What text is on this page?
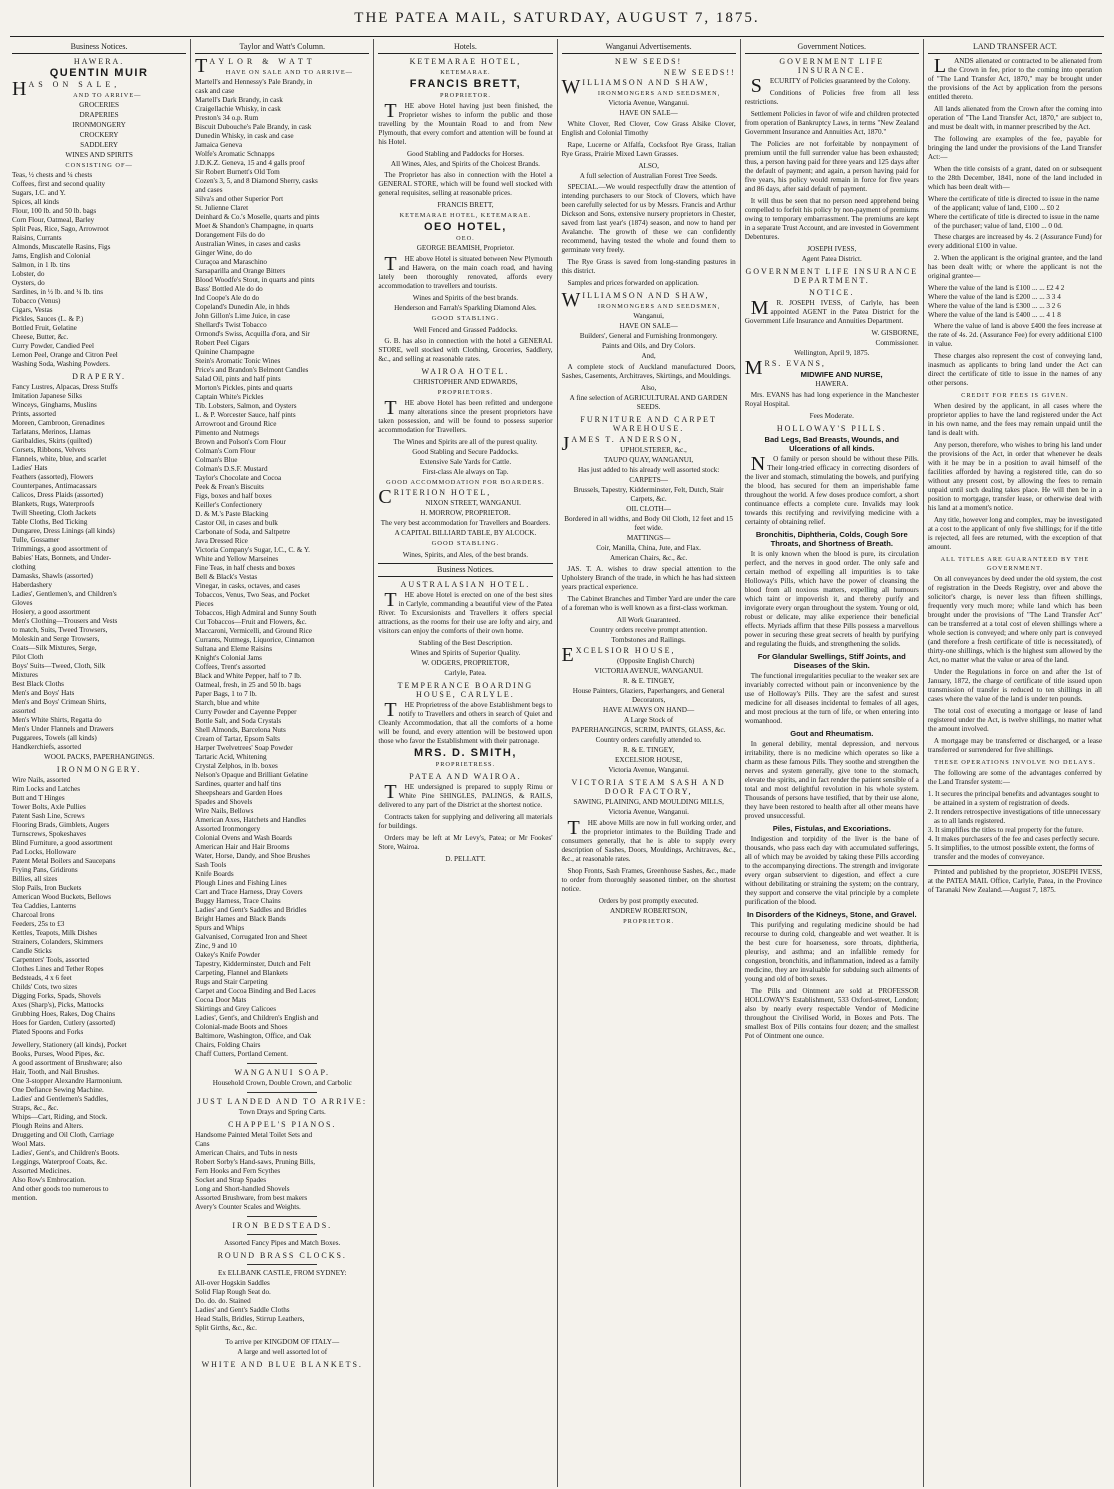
THE PATEA MAIL, SATURDAY, AUGUST 7, 1875.
Business Notices.
HAWERA.
QUENTIN MUIR
HAS ON SALE,
AND TO ARRIVE—
GROCERIES
DRAPERIES
IRONMONGERY
CROCKERY
SADDLERY
WINES AND SPIRITS
CONSISTING OF—
Teas, ½ chests and ¼ chests
Coffees, first and second quality
Sugars, I.C. and Y.
Spices, all kinds
Flour, 100 lb. and 50 lb. bags
Corn Flour, Oatmeal, Barley
Split Peas, Rice, Sago, Arrowroot
Raisins, Currants
Almonds, Muscatelle Rasins, Figs
Jams, English and Colonial
Salmon, in 1 lb. tins
Lobster, do
Oysters, do
Sardines, in ½ lb. and ¼ lb. tins
Tobacco (Venus)
Cigars, Vestas
Pickles, Sauces (L. & P.)
Bottled Fruit, Gelatine
Cheese, Butter, &c.
Curry Powder, Candied Peel
Lemon Peel, Orange and Citron Peel
Washing Soda, Washing Powders.
DRAPERY.
Fancy Lustres, Alpacas, Dress Stuffs
Imitation Japanese Silks
Winceys, Ginghams, Muslins
Prints, assorted
Moreen, Cambroon, Grenadines
Tarlatans, Merinos, Llamas
Garibaldies, Skirts (quilted)
Corsets, Ribbons, Velvets
Flannels, white, blue, and scarlet
Ladies' Hats
Feathers (assorted), Flowers
Counterpanes, Antimacassars
Calicos, Dress Plaids (assorted)
Blankets, Rugs, Waterproofs
Twill Sheeting, Cloth Jackets
Table Cloths, Bed Ticking
Dungaree, Dress Linings (all kinds)
Tulle, Gossamer
Trimmings, a good assortment of
Babies' Hats, Bonnets, and Under-
clothing
Damasks, Shawls (assorted)
Haberdashery
Ladies', Gentlemen's, and Children's
Gloves
Hosiery, a good assortment
Men's Clothing—Trousers and Vests
to match, Suits, Tweed Trowsers,
Moleskin and Serge Trowsers,
Coats—Silk Mixtures, Serge,
Pilot Cloth
Boys' Suits—Tweed, Cloth, Silk
Mixtures
Best Black Cloths
Men's and Boys' Hats
Men's and Boys' Crimean Shirts,
assorted
Men's White Shirts, Regatta do
Men's Under Flannels and Drawers
Puggarees, Towels (all kinds)
Handkerchiefs, assorted
WOOL PACKS, PAPERHANGINGS.
IRONMONGERY.
Wire Nails, assorted
Rim Locks and Latches
Butt and T Hinges
Tower Bolts, Axle Pullies
Patent Sash Line, Screws
Flooring Brads, Gimblets, Augers
Turnscrews, Spokeshaves
Blind Furniture, a good assortment
Pad Locks, Holloware
Patent Metal Boilers and Saucepans
Frying Pans, Gridirons
Billies, all sizes
Slop Pails, Iron Buckets
American Wood Buckets, Bellows
Tea Caddies, Lanterns
Charcoal Irons
Feeders, 25s to £3
Kettles, Teapots, Milk Dishes
Strainers, Colanders, Skimmers
Candle Sticks
Carpenters' Tools, assorted
Clothes Lines and Tether Ropes
Bedsteads, 4 x 6 feet
Childs' Cots, two sizes
Digging Forks, Spads, Shovels
Axes (Sharp's), Picks, Mattocks
Grubbing Hoes, Rakes, Dog Chains
Hoes for Garden, Cutlery (assorted)
Plated Spoons and Forks
Jewellery, Stationery (all kinds), Pocket
Books, Purses, Wood Pipes, &c.
A good assortment of Brushware; also
Hair, Tooth, and Nail Brushes.
One 3-stopper Alexandre Harmonium.
One Defiance Sewing Machine.
Ladies' and Gentlemen's Saddles,
Straps, &c., &c.
Whips—Cart, Riding, and Stock.
Plough Reins and Alters.
Druggeting and Oil Cloth, Carriage
Wool Mats.
Ladies', Gent's, and Children's Boots.
Leggings, Waterproof Coats, &c.
Assorted Medicines.
Also Row's Embrocation.
And other goods too numerous to
mention.
Taylor and Watt's Column.
TAYLOR & WATT
HAVE ON SALE AND TO ARRIVE—
Martell's and Hennessy's Pale Brandy, in
cask and case
Martell's Dark Brandy, in cask
Craigellachie Whisky, in cask
Preston's 34 o.p. Rum
Biscuit Dubouche's Pale Brandy, in cask
Dunedin Whisky, in cask and case
Jamaica Geneva
Wolfe's Aromatic Schnapps
J.D.K.Z. Geneva, 15 and 4 galls proof
Sir Robert Burnett's Old Tom
Cozen's 3, 5, and 8 Diamond Sherry, casks
and cases
Silva's and other Superior Port
St. Julienne Claret
Deinhard & Co.'s Moselle, quarts and pints
Moet & Shandon's Champagne, in quarts
Dorangement Fils do do
Australian Wines, in cases and casks
Ginger Wine, do do
Curaçoa and Maraschino
Sarsaparilla and Orange Bitters
Blood Woodfe's Stout, in quarts and pints
Bass' Bottled Ale do do
Ind Coope's Ale do do
Copeland's Dunedin Ale, in hhds
John Gillon's Lime Juice, in case
Shellard's Twist Tobacco
Ormond's Swiss, Acquilla d'ora, and Sir
Robert Peel Cigars
Quinine Champagne
Stein's Aromatic Tonic Wines
Price's and Brandon's Belmont Candles
Salad Oil, pints and half pints
Morton's Pickles, pints and quarts
Captain White's Pickles
Tib. Lobsters, Salmon, and Oysters
L. & P. Worcester Sauce, half pints
Arrowroot and Ground Rice
Pimento and Nutmegs
Brown and Polson's Corn Flour
Colman's Corn Flour
Colman's Blue
Colman's D.S.F. Mustard
Taylor's Chocolate and Cocoa
Peek & Frean's Biscuits
Figs, boxes and half boxes
Keiller's Confectionery
D. & M.'s Paste Blacking
Castor Oil, in cases and bulk
Carbonate of Soda, and Saltpetre
Java Dressed Rice
Victoria Company's Sugar, I.C., C. & Y.
White and Yellow Marseines
Fine Teas, in half chests and boxes
Bell & Black's Vestas
Vinegar, in casks, octaves, and cases
Tobaccos, Venus, Two Seas, and Pocket
Pieces
Tobaccos, High Admiral and Sunny South
Cut Tobaccos—Fruit and Flowers, &c.
Maccaroni, Vermicelli, and Ground Rice
Currants, Nutmegs, Liquorice, Cinnamon
Sultana and Eleme Raisins
Knight's Colonial Jams
Coffees, Trent's assorted
Black and White Pepper, half to 7 lb.
Oatmeal, fresh, in 25 and 50 lb. bags
Paper Bags, 1 to 7 lb.
Starch, blue and white
Curry Powder and Cayenne Pepper
Bottle Salt, and Soda Crystals
Shell Almonds, Barcelona Nuts
Cream of Tartar, Epsom Salts
Harper Twelvetrees' Soap Powder
Tartaric Acid, Whitening
Crystal Zelphos, in lb. boxes
Nelson's Opaque and Brilliant Gelatine
Sardines, quarter and half tins
Sheepshears and Garden Hoes
Spades and Shovels
Wire Nails, Bellows
American Axes, Hatchets and Handles
Assorted Ironmongery
Colonial Ovens and Wash Boards
American Hair and Hair Brooms
Water, Horse, Dandy, and Shoe Brushes
Sash Tools
Knife Boards
Plough Lines and Fishing Lines
Cart and Trace Harness, Dray Covers
Buggy Harness, Trace Chains
Ladies' and Gent's Saddles and Bridles
Bright Hames and Black Bands
Spurs and Whips
Galvanised, Corrugated Iron and Sheet
Zinc, 9 and 10
Oakey's Knife Powder
Tapestry, Kidderminster, Dutch and Felt
Carpeting, Flannel and Blankets
Rugs and Stair Carpeting
Carpet and Cocoa Binding and Bed Laces
Cocoa Door Mats
Skirtings and Grey Calicoes
Ladies', Gent's, and Children's English and
Colonial-made Boots and Shoes
Baltimore, Washington, Office, and Oak
Chairs, Folding Chairs
Chaff Cutters, Portland Cement.
WANGANUI SOAP.
Household Crown, Double Crown, and Carbolic
JUST LANDED AND TO ARRIVE:
Town Drays and Spring Carts.
CHAPPEL'S PIANOS.
Handsome Painted Metal Toilet Sets and
Cans
American Chairs, and Tubs in nests
Robert Sorby's Hand-saws, Pruning Bills,
Fern Hooks and Fern Scythes
Socket and Strap Spades
Long and Short-handled Shovels
Assorted Brushware, from best makers
Avery's Counter Scales and Weights.
IRON BEDSTEADS.
Assorted Fancy Pipes and Match Boxes.
ROUND BRASS CLOCKS.
Ex ELLBANK CASTLE, FROM SYDNEY:
All-over Hogskin Saddles
Solid Flap Rough Seat do.
Do. do. do. Stained
Ladies' and Gent's Saddle Cloths
Head Stalls, Bridles, Stirrup Leathers,
Split Girths, &c., &c.
To arrive per KINGDOM OF ITALY—
A large and well assorted lot of
WHITE AND BLUE BLANKETS.
Hotels.
KETEMARAE HOTEL,
KETEMARAE.
FRANCIS BRETT,
PROPRIETOR.
T HE above Hotel having just been finished, the Proprietor wishes to inform the public and those travelling by the Mountain Road to and from New Plymouth, that every comfort and attention will be found at his Hotel.
Good Stabling and Paddocks for Horses.
All Wines, Ales, and Spirits of the Choicest Brands.
The Proprietor has also in connection with the Hotel a GENERAL STORE, which will be found well stocked with general requisites, selling at reasonable prices.
FRANCIS BRETT,
KETEMARAE HOTEL, KETEMARAE.
OEO HOTEL,
OEO.
GEORGE BEAMISH, Proprietor.
T HE above Hotel is situated between New Plymouth and Hawera, on the main coach road, and having lately been thoroughly renovated, affords every accommodation to travellers and tourists.
Wines and Spirits of the best brands.
Henderson and Farrah's Sparkling Diamond Ales.
GOOD STABLING.
Well Fenced and Grassed Paddocks.
G. B. has also in connection with the hotel a GENERAL STORE, well stocked with Clothing, Groceries, Saddlery, &c., and selling at reasonable rates.
WAIROA HOTEL.
CHRISTOPHER AND EDWARDS,
PROPRIETORS.
T HE above Hotel has been refitted and undergone many alterations since the present proprietors have taken possession, and will be found to possess superior accommodation for Travellers.
The Wines and Spirits are all of the purest quality.
Good Stabling and Secure Paddocks.
Extensive Sale Yards for Cattle.
First-class Ale always on Tap.
GOOD ACCOMMODATION FOR BOARDERS.
CRITERION HOTEL,
NIXON STREET, WANGANUI.
H. MORROW, PROPRIETOR.
The very best accommodation for Travellers and Boarders.
A CAPITAL BILLIARD TABLE, BY ALCOCK.
GOOD STABLING.
Wines, Spirits, and Ales, of the best brands.
Business Notices.
AUSTRALASIAN HOTEL.
T HE above Hotel is erected on one of the best sites in Carlyle, commanding a beautiful view of the Patea River. To Excursionists and Travellers it offers special attractions, as the rooms for their use are lofty and airy, and visitors can enjoy the comforts of their own home.
Stabling of the Best Description.
Wines and Spirits of Superior Quality.
W. ODGERS, PROPRIETOR,
Carlyle, Patea.
TEMPERANCE BOARDING HOUSE, CARLYLE.
T HE Proprietress of the above Establishment begs to notify to Travellers and others in search of Quiet and Cleanly Accommodation, that all the comforts of a home will be found, and every attention will be bestowed upon those who favor the Establishment with their patronage.
MRS. D. SMITH,
PROPRIETRESS.
PATEA AND WAIROA.
T HE undersigned is prepared to supply Rimu or White Pine SHINGLES, PALINGS, & RAILS, delivered to any part of the District at the shortest notice.
Contracts taken for supplying and delivering all materials for buildings.
Orders may be left at Mr Levy's, Patea; or Mr Fookes' Store, Wairoa.
D. PELLATT.
Wanganui Advertisements.
NEW SEEDS!
NEW SEEDS!!
WILLIAMSON AND SHAW,
IRONMONGERS AND SEEDSMEN,
Victoria Avenue, Wanganui.
HAVE ON SALE—
White Clover, Red Clover, Cow Grass Alsike Clover, English and Colonial Timothy
Rape, Lucerne or Alfalfa, Cocksfoot Rye Grass, Italian Rye Grass, Prairie Mixed Lawn Grasses.
ALSO,
A full selection of Australian Forest Tree Seeds.
SPECIAL.—We would respectfully draw the attention of intending purchasers to our Stock of Clovers, which have been carefully selected for us by Messrs. Francis and Arthur Dickson and Sons, extensive nursery proprietors in Chester, saved from last year's (1874) season, and now to hand per Avalanche. The growth of these we can confidently recommend, having tested the whole and found them to germinate very freely.
The Rye Grass is saved from long-standing pastures in this district.
Samples and prices forwarded on application.
WILLIAMSON AND SHAW,
IRONMONGERS AND SEEDSMEN,
Wanganui,
HAVE ON SALE—
Builders', General and Furnishing Ironmongery.
Paints and Oils, and Dry Colors.
And,
A complete stock of Auckland manufactured Doors, Sashes, Casements, Architraves, Skirtings, and Mouldings.
Also,
A fine selection of AGRICULTURAL AND GARDEN SEEDS.
FURNITURE AND CARPET WAREHOUSE.
JAMES T. ANDERSON,
UPHOLSTERER, &c.,
TAUPO QUAY, WANGANUI,
Has just added to his already well assorted stock:
CARPETS—
Brussels, Tapestry, Kidderminster, Felt, Dutch, Stair Carpets, &c.
OIL CLOTH—
Bordered in all widths, and Body Oil Cloth, 12 feet and 15 feet wide.
MATTINGS—
Coir, Manilla, China, Jute, and Flax.
American Chairs, &c., &c.
JAS. T. A. wishes to draw special attention to the Upholstery Branch of the trade, in which he has had sixteen years practical experience.
The Cabinet Branches and Timber Yard are under the care of a foreman who is well known as a first-class workman.
All Work Guaranteed.
Country orders receive prompt attention.
Tombstones and Railings.
EXCELSIOR HOUSE,
(Opposite English Church)
VICTORIA AVENUE, WANGANUI.
R. & E. TINGEY,
House Painters, Glaziers, Paperhangers, and General Decorators,
HAVE ALWAYS ON HAND—
A Large Stock of
PAPERHANGINGS, SCRIM, PAINTS, GLASS, &c.
Country orders carefully attended to.
R. & E. TINGEY,
EXCELSIOR HOUSE,
Victoria Avenue, Wanganui.
VICTORIA STEAM SASH AND DOOR FACTORY,
SAWING, PLAINING, AND MOULDING MILLS,
Victoria Avenue, Wanganui.
T HE above Mills are now in full working order, and the proprietor intimates to the Building Trade and consumers generally, that he is able to supply every description of Sashes, Doors, Mouldings, Architraves, &c., &c., at reasonable rates.
Shop Fronts, Sash Frames, Greenhouse Sashes, &c., made to order from thoroughly seasoned timber, on the shortest notice.
Orders by post promptly executed.
ANDREW ROBERTSON,
PROPRIETOR.
Government Notices.
GOVERNMENT LIFE INSURANCE.
S ECURITY of Policies guaranteed by the Colony.
Conditions of Policies free from all less restrictions.
Settlement Policies in favor of wife and children protected from operation of Bankruptcy Laws, in terms "New Zealand Government Insurance and Annuities Act, 1870."
The Policies are not forfeitable by nonpayment of premium until the full surrender value has been exhausted; thus, a person having paid for three years and 125 days after the default of payment; and again, a person having paid for five years, his policy would remain in force for five years and 86 days, after said default of payment.
It will thus be seen that no person need apprehend being compelled to forfeit his policy by non-payment of premiums owing to temporary embarrassment. The premiums are kept in a separate Trust Account, and are invested in Government Debentures.
JOSEPH IVESS,
Agent Patea District.
GOVERNMENT LIFE INSURANCE DEPARTMENT.
NOTICE.
M R. JOSEPH IVESS, of Carlyle, has been appointed AGENT in the Patea District for the Government Life Insurance and Annuities Department.
W. GISBORNE,
Commissioner.
Wellington, April 9, 1875.
MRS. EVANS,
MIDWIFE AND NURSE,
HAWERA.
Mrs. EVANS has had long experience in the Manchester Royal Hospital.
Fees Moderate.
HOLLOWAY'S PILLS.
Bad Legs, Bad Breasts, Wounds, and Ulcerations of all kinds.
N O family or person should be without these Pills. Their long-tried efficacy in correcting disorders of the liver and stomach, stimulating the bowels, and purifying the blood, has secured for them an imperishable fame throughout the world. A few doses produce comfort, a short continuance effects a complete cure. Invalids may look towards this rectifying and revivifying medicine with a certainty of obtaining relief.
Bronchitis, Diphtheria, Colds, Cough Sore Throats, and Shortness of Breath.
It is only known when the blood is pure, its circulation perfect, and the nerves in good order. The only safe and certain method of expelling all impurities is to take Holloway's Pills, which have the power of cleansing the blood from all noxious matters, expelling all humours which taint or impoverish it, and thereby purify and invigorate every organ throughout the system. Young or old, robust or delicate, may alike experience their beneficial effects. Myriads affirm that these Pills possess a marvellous power in securing these great secrets of health by purifying and regulating the fluids, and strengthening the solids.
For Glandular Swellings, Stiff Joints, and Diseases of the Skin.
The functional irregularities peculiar to the weaker sex are invariably corrected without pain or inconvenience by the use of Holloway's Pills. They are the safest and surest medicine for all diseases incidental to females of all ages, and most precious at the turn of life, or when entering into womanhood.
Gout and Rheumatism.
In general debility, mental depression, and nervous irritability, there is no medicine which operates so like a charm as these famous Pills. They soothe and strengthen the nerves and system generally, give tone to the stomach, elevate the spirits, and in fact render the patient sensible of a total and most delightful revolution in his whole system. Thousands of persons have testified, that by their use alone, they have been restored to health after all other means have proved unsuccessful.
Piles, Fistulas, and Excoriations.
Indigestion and torpidity of the liver is the bane of thousands, who pass each day with accumulated sufferings, all of which may be avoided by taking these Pills according to the accompanying directions. The strength and invigorate every organ subservient to digestion, and effect a cure without debilitating or straining the system; on the contrary, they support and conserve the vital principle by a complete purification of the blood.
In Disorders of the Kidneys, Stone, and Gravel.
This purifying and regulating medicine should be had recourse to during cold, changeable and wet weather. It is the best cure for hoarseness, sore throats, diphtheria, pleurisy, and asthma; and an infallible remedy for congestion, bronchitis, and inflammation, indeed as a family medicine, they are invaluable for subduing such ailments of young and old of both sexes.
The Pills and Ointment are sold at PROFESSOR HOLLOWAY'S Establishment, 533 Oxford-street, London; also by nearly every respectable Vendor of Medicine throughout the Civilised World, in Boxes and Pots. The smallest Box of Pills contains four dozen; and the smallest Pot of Ointment one ounce.
LAND TRANSFER ACT.
L ANDS alienated or contracted to be alienated from the Crown in fee, prior to the coming into operation of "The Land Transfer Act, 1870," may be brought under the provisions of the Act by application from the persons entitled thereto.
All lands alienated from the Crown after the coming into operation of "The Land Transfer Act, 1870," are subject to, and must be dealt with, in manner prescribed by the Act.
The following are examples of the fee, payable for bringing the land under the provisions of the Land Transfer Act:—
When the title consists of a grant, dated on or subsequent to the 28th December, 1841, none of the land included in which has been dealt with—
Where the certificate of title is directed to issue in the name of the applicant; value of land, £100 ... £0 2
Where the certificate of title is directed to issue in the name of the purchaser; value of land, £100 ... 0 0d.
These charges are increased by 4s. 2 (Assurance Fund) for every additional £100 in value.
2. When the applicant is the original grantee, and the land has been dealt with; or where the applicant is not the original grantee—
Where the value of the land is £100 ... ... £2 4 2
Where the value of the land is £200 ... ... 3 3 4
Where the value of the land is £300 ... ... 3 2 6
Where the value of the land is £400 ... ... 4 1 8
Where the value of land is above £400 the fees increase at the rate of 4s. 2d. (Assurance Fee) for every additional £100 in value.
These charges also represent the cost of conveying land, inasmuch as applicants to bring land under the Act can direct the certificate of title to issue in the names of any other persons.
CREDIT FOR FEES IS GIVEN.
When desired by the applicant, in all cases where the proprietor applies to have the land registered under the Act in his own name, and the fees may remain unpaid until the land is dealt with.
Any person, therefore, who wishes to bring his land under the provisions of the Act, in order that whenever he deals with it he may be in a position to avail himself of the facilities afforded by having a registered title, can do so without any present cost, by allowing the fees to remain unpaid until such dealing takes place. He will then be in a position to mortgage, transfer lease, or otherwise deal with his land at a moment's notice.
Any title, however long and complex, may be investigated at a cost to the applicant of only five shillings; for if the title is rejected, all fees are returned, with the exception of that amount.
ALL TITLES ARE GUARANTEED BY THE GOVERNMENT.
On all conveyances by deed under the old system, the cost of registration in the Deeds Registry, over and above the solicitor's charge, is never less than fifteen shillings, frequently very much more; while land which has been brought under the provisions of "The Land Transfer Act" can be transferred at a total cost of eleven shillings where a whole section is conveyed; and where only part is conveyed (and therefore a fresh certificate of title is necessitated), of thirty-one shillings, which is the highest sum allowed by the Act, no matter what the value or area of the land.
Under the Regulations in force on and after the 1st of January, 1872, the charge of certificate of title issued upon transmission of transfer is reduced to ten shillings in all cases where the value of the land is under ten pounds.
The total cost of executing a mortgage or lease of land registered under the Act, is twelve shillings, no matter what the amount involved.
A mortgage may be transferred or discharged, or a lease transferred or surrendered for five shillings.
THESE OPERATIONS INVOLVE NO DELAYS.
The following are some of the advantages conferred by the Land Transfer system:—
1. It secures the principal benefits and advantages sought to be attained in a system of registration of deeds.
2. It renders retrospective investigations of title unnecessary as to all lands registered.
3. It simplifies the titles to real property for the future.
4. It makes purchasers of the fee and cases perfectly secure.
5. It simplifies, to the utmost possible extent, the forms of transfer and the modes of conveyance.
Printed and published by the proprietor, JOSEPH IVESS, at the PATEA MAIL Office, Carlyle, Patea, in the Province of Taranaki New Zealand.—August 7, 1875.
